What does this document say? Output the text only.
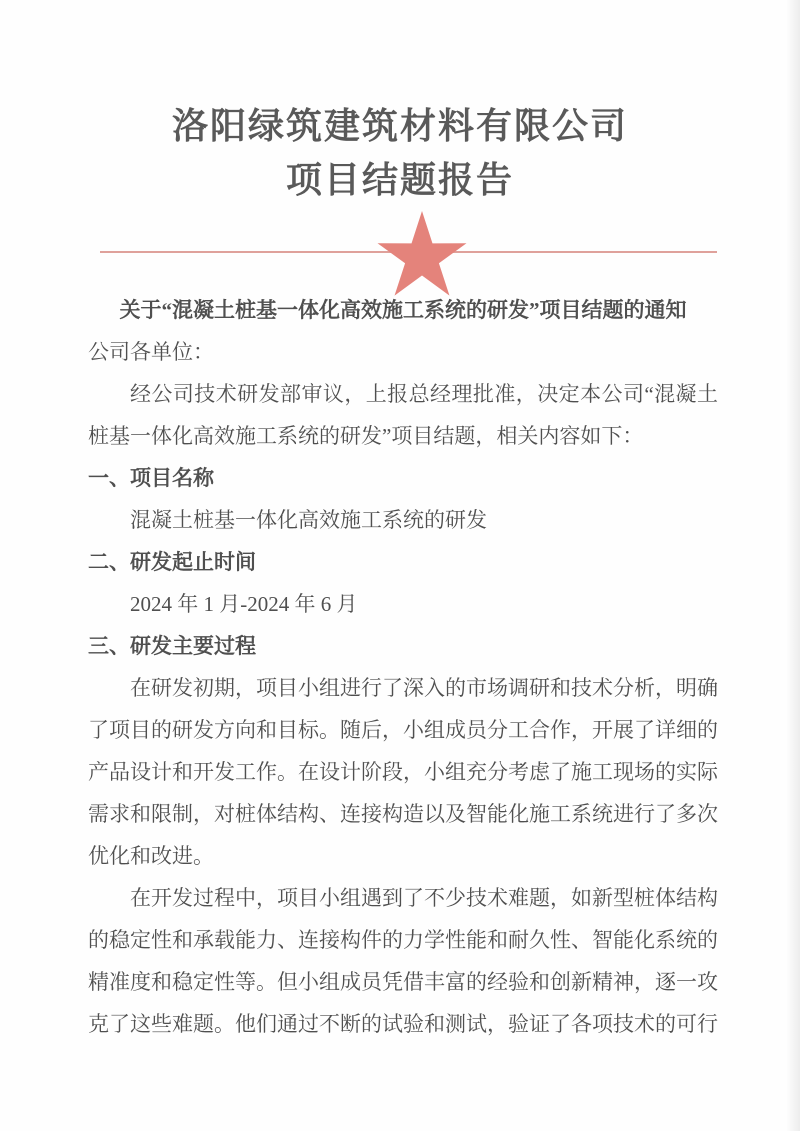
洛阳绿筑建筑材料有限公司
项目结题报告
关于“混凝土桩基一体化高效施工系统的研发”项目结题的通知
公司各单位：

经公司技术研发部审议，上报总经理批准，决定本公司“混凝土桩基一体化高效施工系统的研发”项目结题，相关内容如下：

一、项目名称

混凝土桩基一体化高效施工系统的研发

二、研发起止时间

2024 年 1 月-2024 年 6 月

三、研发主要过程

在研发初期，项目小组进行了深入的市场调研和技术分析，明确了项目的研发方向和目标。随后，小组成员分工合作，开展了详细的产品设计和开发工作。在设计阶段，小组充分考虑了施工现场的实际需求和限制，对桩体结构、连接构造以及智能化施工系统进行了多次优化和改进。

在开发过程中，项目小组遇到了不少技术难题，如新型桩体结构的稳定性和承载能力、连接构件的力学性能和耐久性、智能化系统的精准度和稳定性等。但小组成员凭借丰富的经验和创新精神，逐一攻克了这些难题。他们通过不断的试验和测试，验证了各项技术的可行
